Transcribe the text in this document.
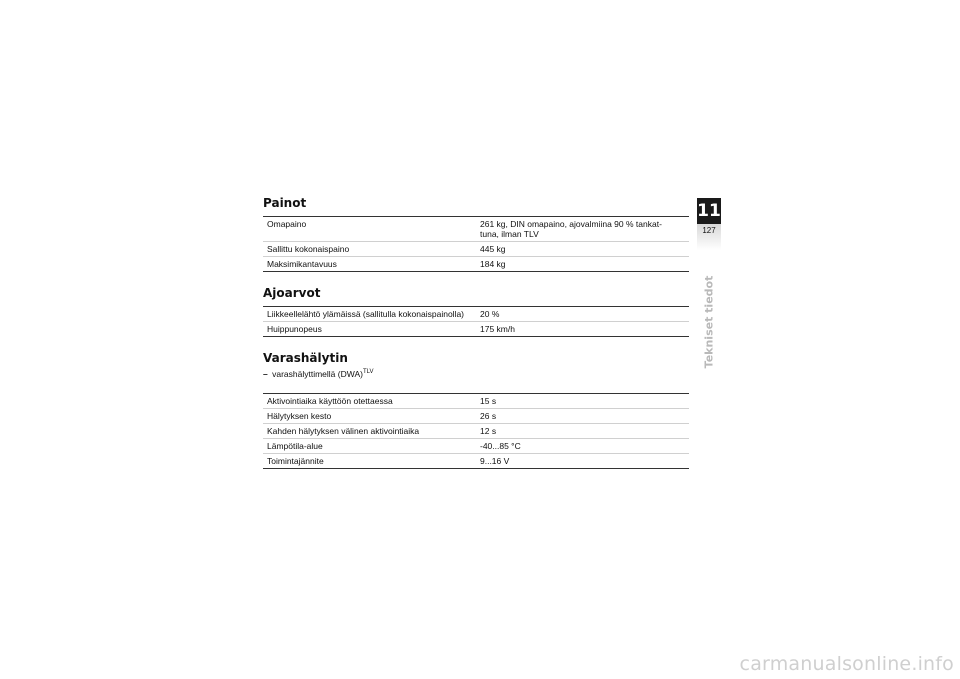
Painot
Omapaino	261 kg, DIN omapaino, ajovalmiina 90 % tankat-
tuna, ilman TLV
Sallittu kokonaispaino	445 kg
Maksimikantavuus	184 kg
Ajoarvot
Liikkeellelähtö ylämäissä (sallitulla kokonaispainolla)	20 %
Huippunopeus	175 km/h
Varashälytin
– varashälyttimellä (DWA)$^{TLV}$
Aktivointiaika käyttöön otettaessa	15 s
Hälytyksen kesto	26 s
Kahden hälytyksen välinen aktivointiaika	12 s
Lämpötila-alue	-40...85 °C
Toimintajännite	9...16 V
11
127
Tekniset tiedot
carmanualsonline.info
